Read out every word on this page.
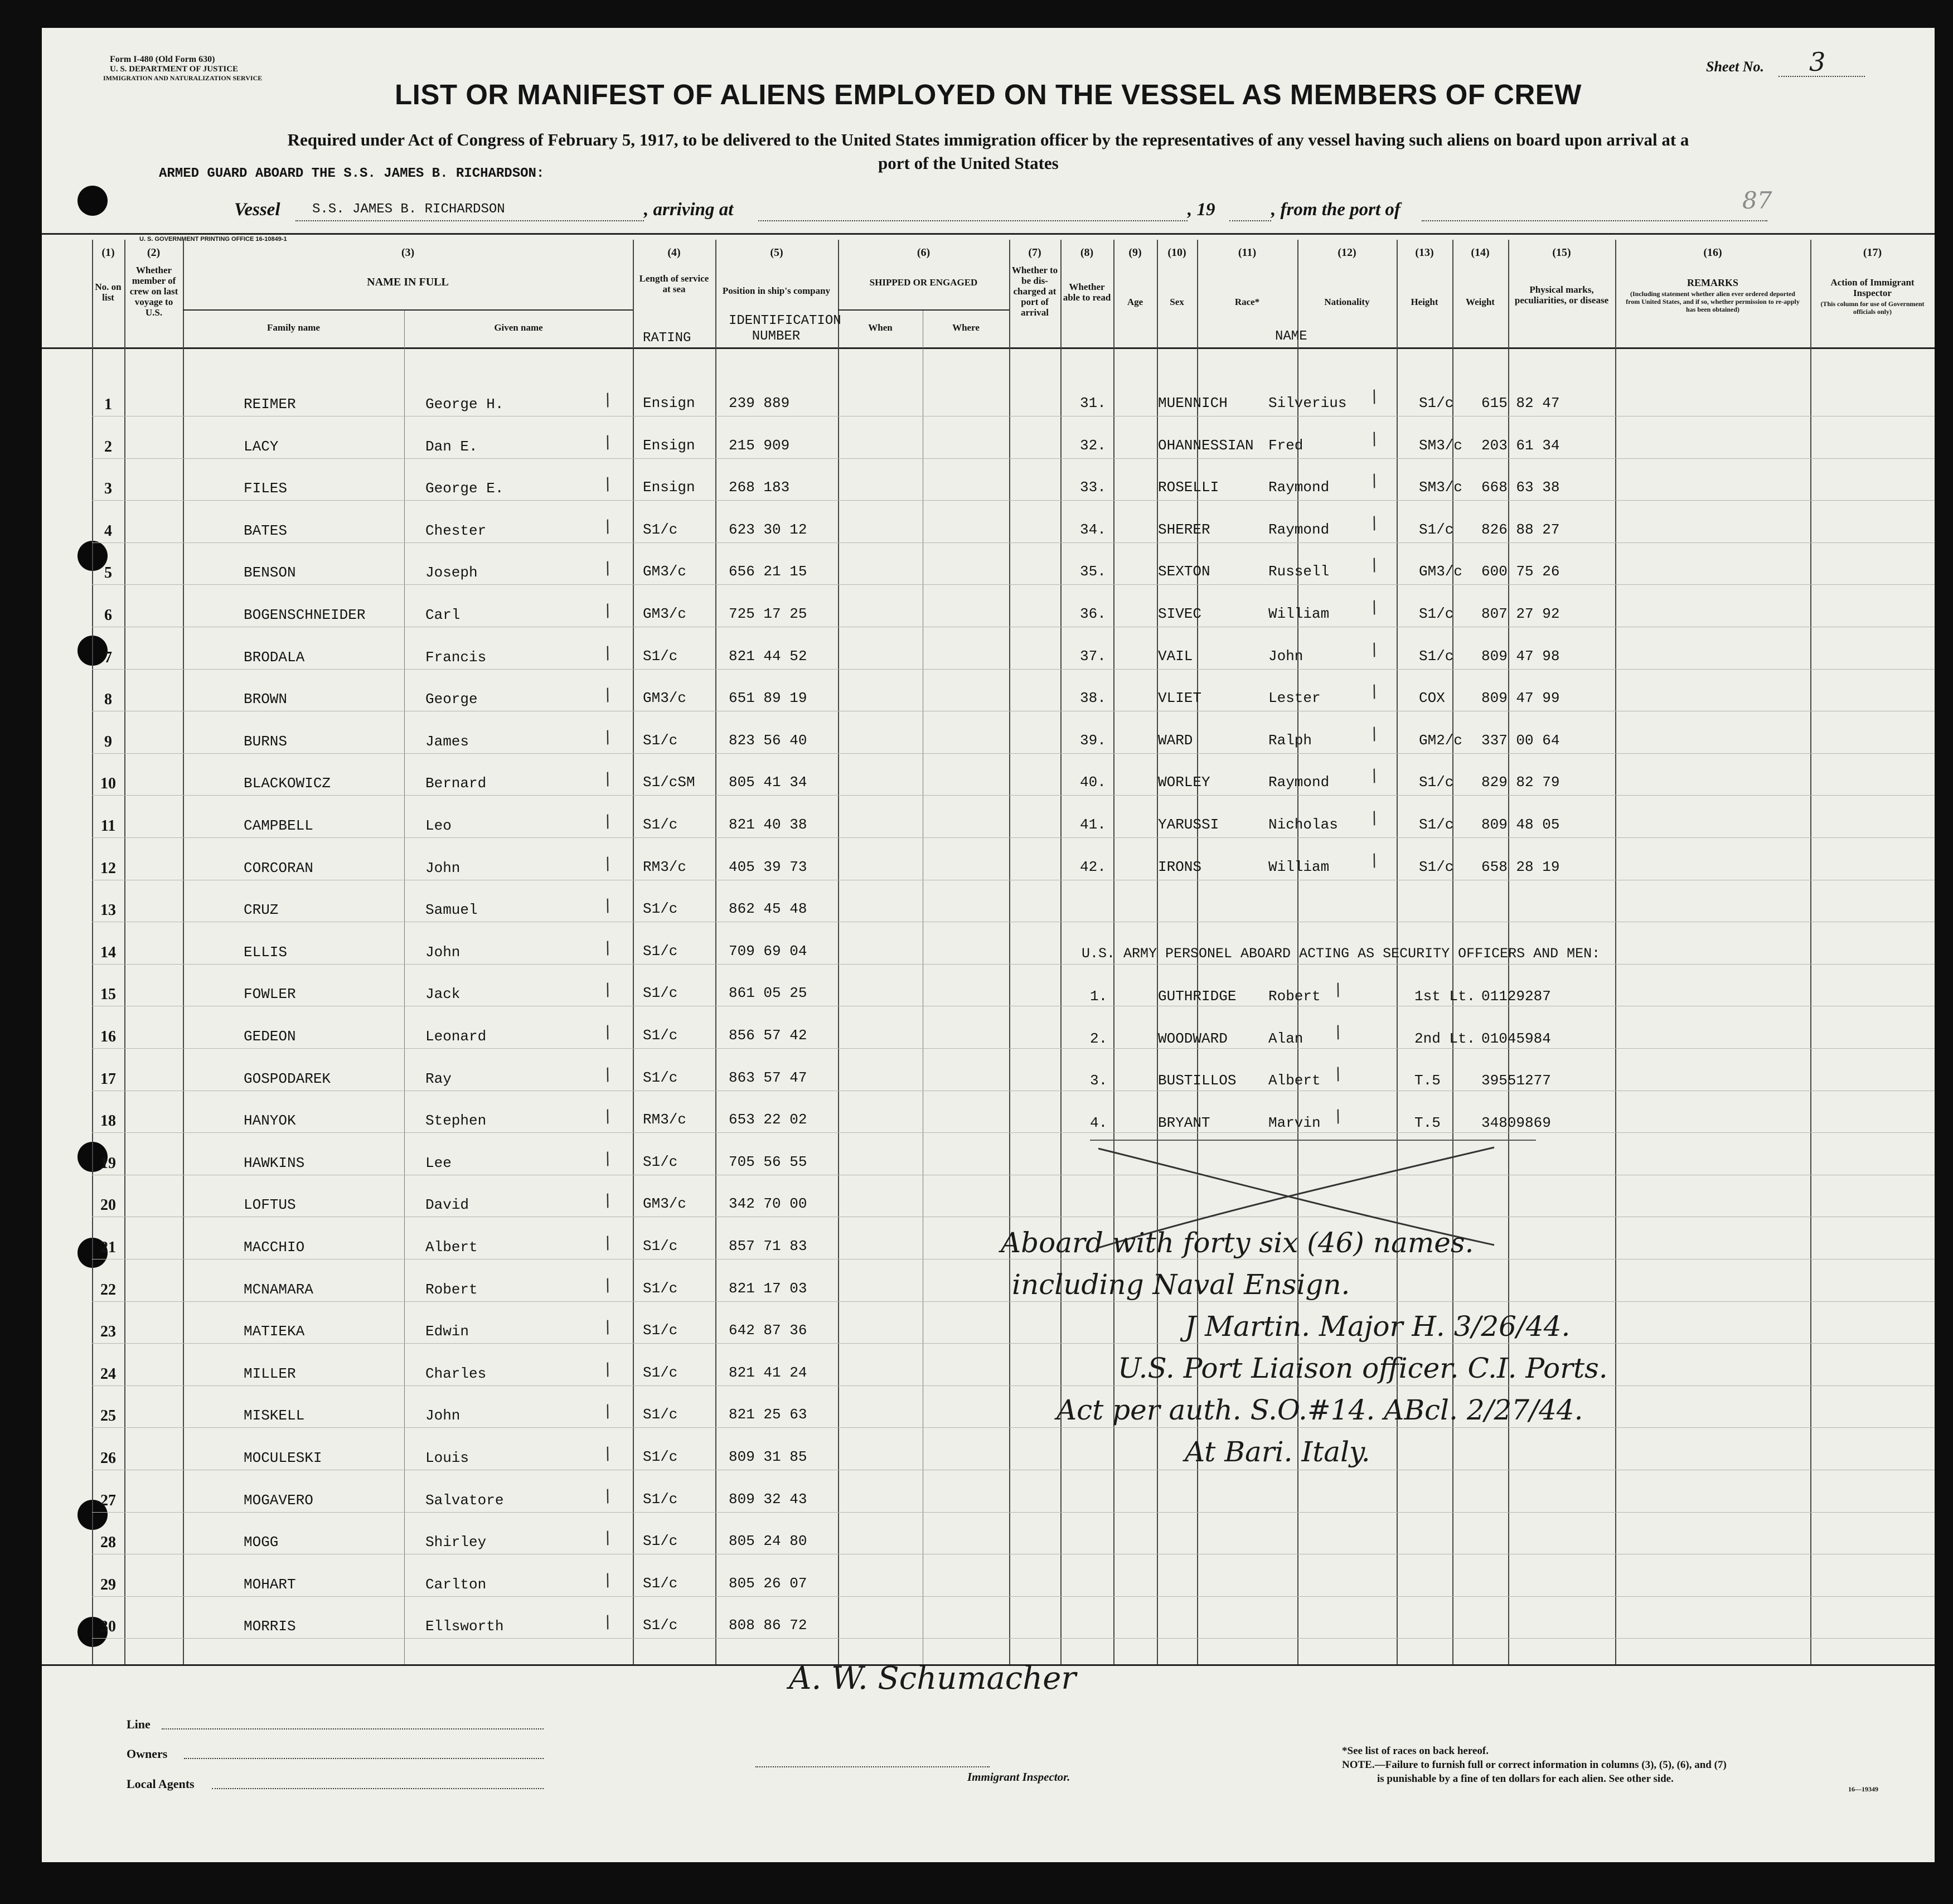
Form I-480 (Old Form 630)
U. S. DEPARTMENT OF JUSTICE
IMMIGRATION AND NATURALIZATION SERVICE
Sheet No. 3
LIST OR MANIFEST OF ALIENS EMPLOYED ON THE VESSEL AS MEMBERS OF CREW
Required under Act of Congress of February 5, 1917, to be delivered to the United States immigration officer by the representatives of any vessel having such aliens on board upon arrival at a
ARMED GUARD ABOARD THE S.S. JAMES B. RICHARDSON:
port of the United States
Vessel S.S. JAMES B. RICHARDSON	, arriving at	, 19	, from the port of	87
U. S. GOVERNMENT PRINTING OFFICE 16-10849-1
(1)
No. on list
(2)
Whether member of crew on last voyage to U.S.
(3)
NAME IN FULL
Family name	Given name
(4)
Length of service at sea
RATING
(5)
Position in ship's company
IDENTIFICATION NUMBER
(6)
SHIPPED OR ENGAGED
When	Where
(7)
Whether to be dis-charged at port of arrival
(8)
Whether able to read
(9)
Age
(10)
Sex
(11)
Race*
(12)
Nationality
NAME
(13)
Height
(14)
Weight
(15)
Physical marks, peculiarities, or disease
(16)
REMARKS
(Including statement whether alien ever ordered deported from United States, and if so, whether permission to re-apply has been obtained)
(17)
Action of Immigrant Inspector
(This column for use of Government officials only)
1	REIMER	George H.	∕ Ensign 239 889
2	LACY	Dan E.	∕ Ensign 215 909
3	FILES	George E.	∕ Ensign 268 183
4	BATES	Chester	∕ S1/c	623 30 12
5	BENSON	Joseph	∕ GM3/c	656 21 15
6	BOGENSCHNEIDER	Carl	∕ GM3/c	725 17 25
7	BRODALA	Francis	∕ S1/c	821 44 52
8	BROWN	George	∕ GM3/c	651 89 19
9	BURNS	James	∕ S1/c	823 56 40
10	BLACKOWICZ	Bernard	∕ S1/cSM 805 41 34
11	CAMPBELL	Leo	∕ S1/c	821 40 38
12	CORCORAN	John	∕ RM3/c	405 39 73
13	CRUZ	Samuel	∕ S1/c	862 45 48
14	ELLIS	John	∕ S1/c	709 69 04
15	FOWLER	Jack	∕ S1/c	861 05 25
16	GEDEON	Leonard	∕ S1/c	856 57 42
17	GOSPODAREK	Ray	∕ S1/c	863 57 47
18	HANYOK	Stephen	∕ RM3/c	653 22 02
19	HAWKINS	Lee	∕ S1/c	705 56 55
20	LOFTUS	David	∕ GM3/c	342 70 00
21	MACCHIO	Albert	∕ S1/c	857 71 83
22	MCNAMARA	Robert	∕ S1/c	821 17 03
23	MATIEKA	Edwin	∕ S1/c	642 87 36
24	MILLER	Charles	∕ S1/c	821 41 24
25	MISKELL	John	∕ S1/c	821 25 63
26	MOCULESKI	Louis	∕ S1/c	809 31 85
27	MOGAVERO	Salvatore	∕ S1/c	809 32 43
28	MOGG	Shirley	∕ S1/c	805 24 80
29	MOHART	Carlton	∕ S1/c	805 26 07
30	MORRIS	Ellsworth	∕ S1/c	808 86 72
31.	MUENNICH	Silverius ∕	S1/c 615 82 47
32.	OHANNESSIAN Fred	∕	SM3/c 203 61 34
33.	ROSELLI	Raymond ∕	SM3/c 668 63 38
34.	SHERER	Raymond ∕	S1/c 826 88 27
35.	SEXTON	Russell ∕	GM3/c 600 75 26
36.	SIVEC	William ∕	S1/c 807 27 92
37.	VAIL	John	∕	S1/c 809 47 98
38.	VLIET	Lester	∕	COX	809 47 99
39.	WARD	Ralph	∕	GM2/c 337 00 64
40.	WORLEY	Raymond ∕	S1/c 829 82 79
41.	YARUSSI	Nicholas ∕	S1/c 809 48 05
42.	IRONS	William ∕	S1/c 658 28 19
U.S. ARMY PERSONEL ABOARD ACTING AS SECURITY OFFICERS AND MEN:
1.	GUTHRIDGE Robert ∕	1st Lt. 01129287
2.	WOODWARD	Alan ∕	2nd Lt. 01045984
3.	BUSTILLOS Albert ∕	T.5	39551277
4.	BRYANT	Marvin ∕	T.5	34809869
Aboard with forty six (46) names.
including Naval Ensign.
J Martin. Major H. 3/26/44.
U.S. Port Liaison officer. C.I. Ports.
Act per auth. S.O.#14. ABcl. 2/27/44.
At Bari. Italy.
A. W. Schumacher
Line
Owners
Local Agents	Immigrant Inspector.
*See list of races on back hereof.
NOTE.—Failure to furnish full or correct information in columns (3), (5), (6), and (7)
is punishable by a fine of ten dollars for each alien. See other side.
16—19349
